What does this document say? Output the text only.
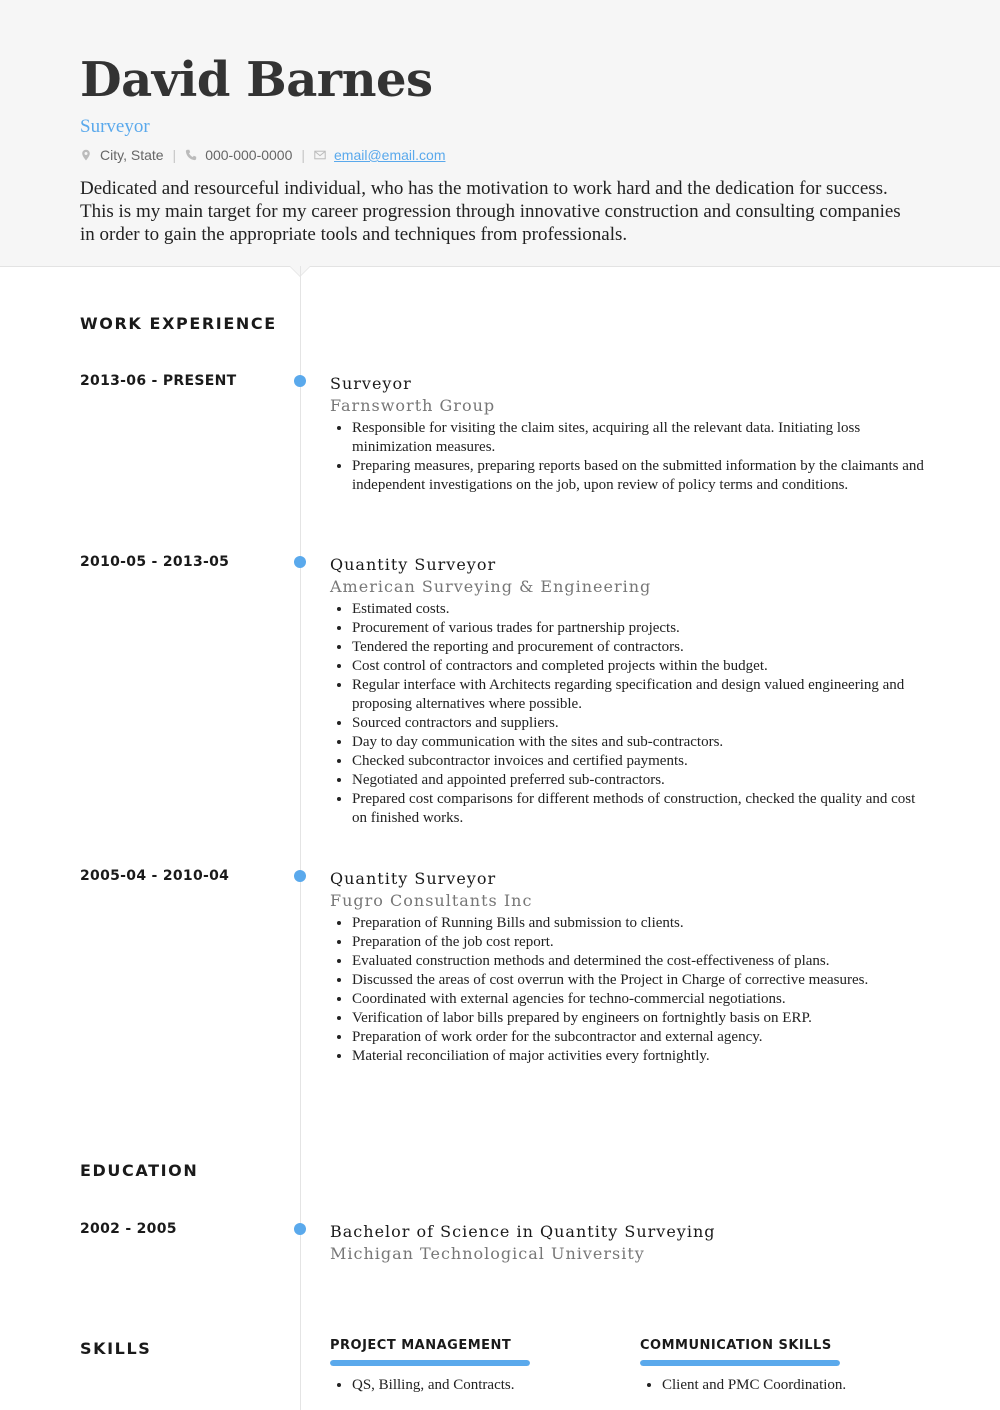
David Barnes
Surveyor
City, State | 000-000-0000 | email@email.com

Dedicated and resourceful individual, who has the motivation to work hard and the dedication for success. This is my main target for my career progression through innovative construction and consulting companies in order to gain the appropriate tools and techniques from professionals.

WORK EXPERIENCE
2013-06 - PRESENT	Surveyor
Farnsworth Group
• Responsible for visiting the claim sites, acquiring all the relevant data. Initiating loss minimization measures.
• Preparing measures, preparing reports based on the submitted information by the claimants and independent investigations on the job, upon review of policy terms and conditions.
2010-05 - 2013-05	Quantity Surveyor
American Surveying & Engineering
• Estimated costs.
• Procurement of various trades for partnership projects.
• Tendered the reporting and procurement of contractors.
• Cost control of contractors and completed projects within the budget.
• Regular interface with Architects regarding specification and design valued engineering and proposing alternatives where possible.
• Sourced contractors and suppliers.
• Day to day communication with the sites and sub-contractors.
• Checked subcontractor invoices and certified payments.
• Negotiated and appointed preferred sub-contractors.
• Prepared cost comparisons for different methods of construction, checked the quality and cost on finished works.
2005-04 - 2010-04	Quantity Surveyor
Fugro Consultants Inc
• Preparation of Running Bills and submission to clients.
• Preparation of the job cost report.
• Evaluated construction methods and determined the cost-effectiveness of plans.
• Discussed the areas of cost overrun with the Project in Charge of corrective measures.
• Coordinated with external agencies for techno-commercial negotiations.
• Verification of labor bills prepared by engineers on fortnightly basis on ERP.
• Preparation of work order for the subcontractor and external agency.
• Material reconciliation of major activities every fortnightly.
EDUCATION
2002 - 2005	Bachelor of Science in Quantity Surveying
Michigan Technological University
SKILLS	PROJECT MANAGEMENT
• QS, Billing, and Contracts.
COMMUNICATION SKILLS
• Client and PMC Coordination.
